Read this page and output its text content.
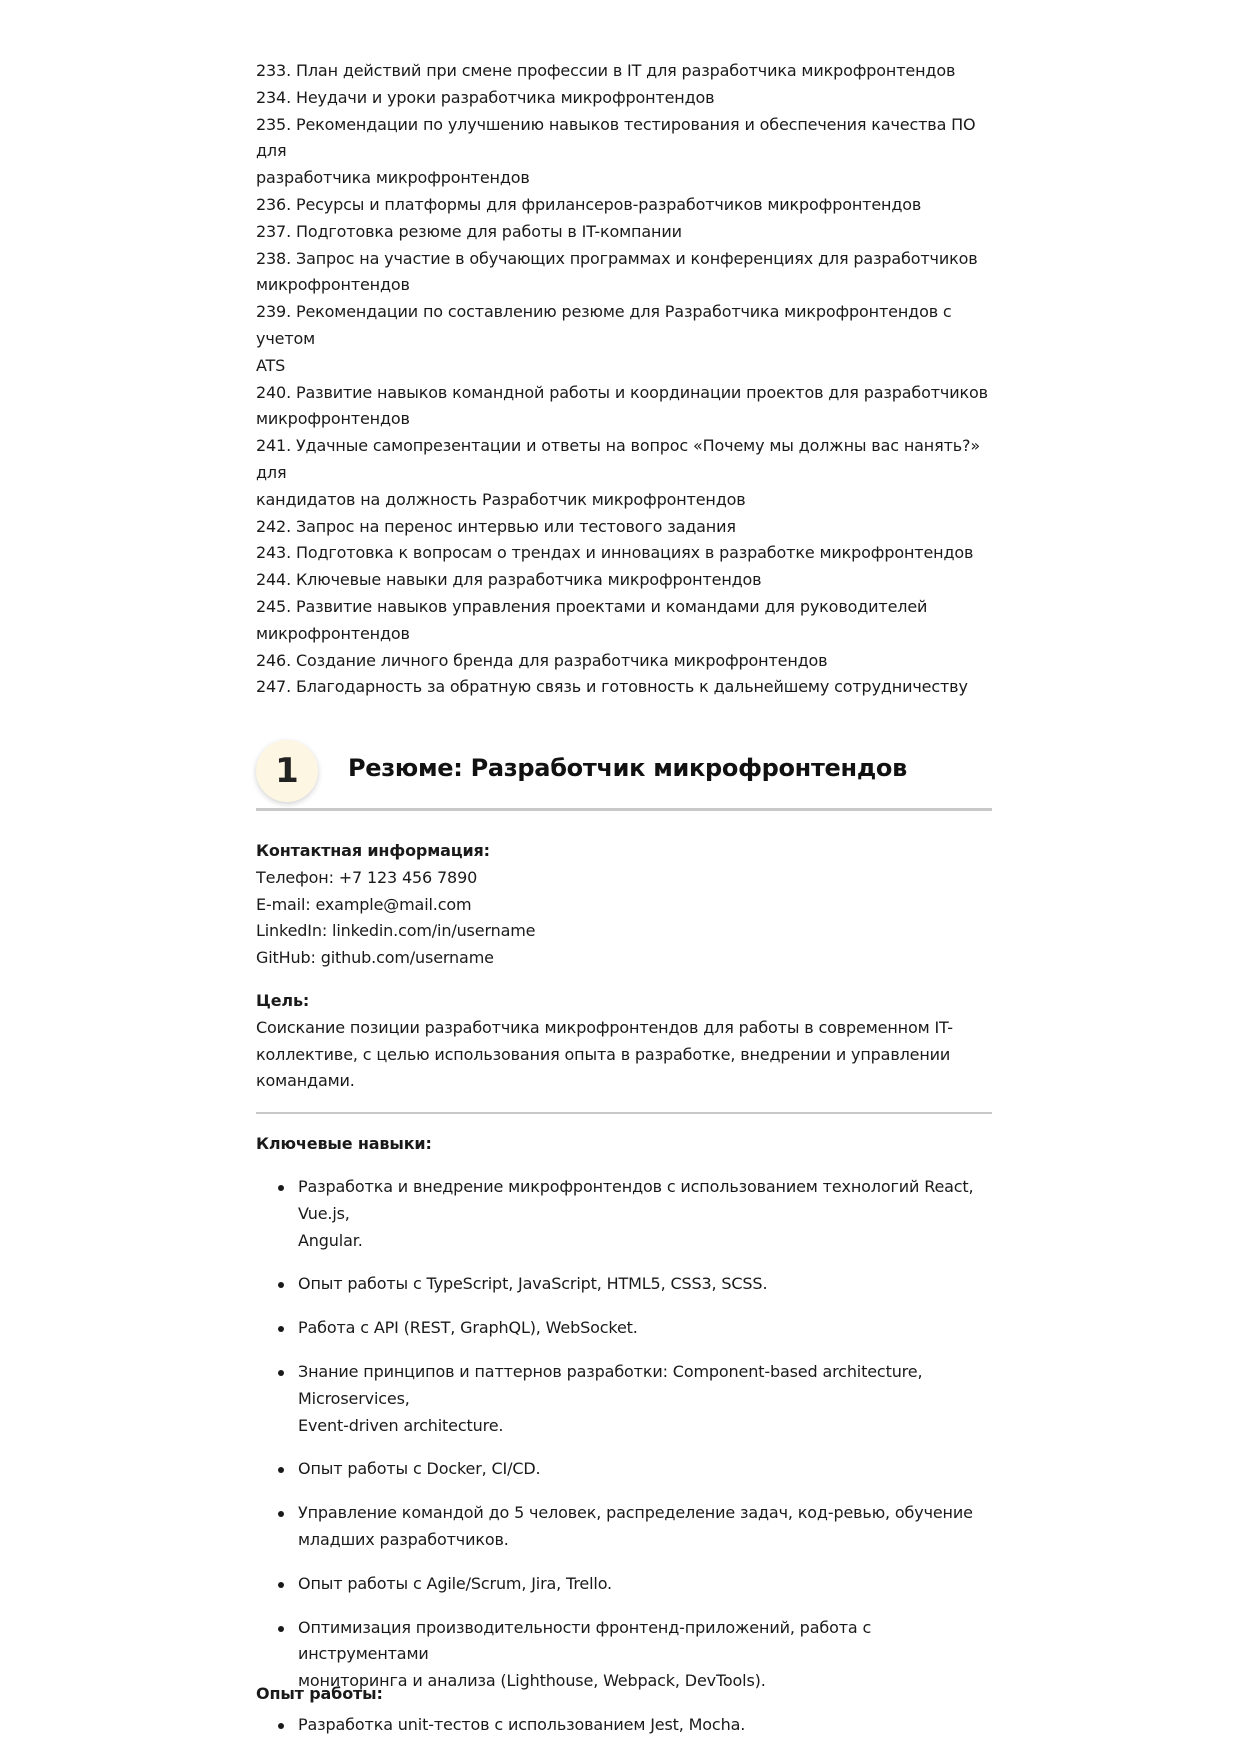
233. План действий при смене профессии в IT для разработчика микрофронтендов
234. Неудачи и уроки разработчика микрофронтендов
235. Рекомендации по улучшению навыков тестирования и обеспечения качества ПО для
разработчика микрофронтендов
236. Ресурсы и платформы для фрилансеров-разработчиков микрофронтендов
237. Подготовка резюме для работы в IT-компании
238. Запрос на участие в обучающих программах и конференциях для разработчиков
микрофронтендов
239. Рекомендации по составлению резюме для Разработчика микрофронтендов с учетом
ATS
240. Развитие навыков командной работы и координации проектов для разработчиков
микрофронтендов
241. Удачные самопрезентации и ответы на вопрос «Почему мы должны вас нанять?» для
кандидатов на должность Разработчик микрофронтендов
242. Запрос на перенос интервью или тестового задания
243. Подготовка к вопросам о трендах и инновациях в разработке микрофронтендов
244. Ключевые навыки для разработчика микрофронтендов
245. Развитие навыков управления проектами и командами для руководителей
микрофронтендов
246. Создание личного бренда для разработчика микрофронтендов
247. Благодарность за обратную связь и готовность к дальнейшему сотрудничеству
1	Резюме: Разработчик микрофронтендов
Контактная информация:
Телефон: +7 123 456 7890
E-mail: example@mail.com
LinkedIn: linkedin.com/in/username
GitHub: github.com/username
Цель:
Соискание позиции разработчика микрофронтендов для работы в современном IT-
коллективе, с целью использования опыта в разработке, внедрении и управлении
командами.
Ключевые навыки:
Разработка и внедрение микрофронтендов с использованием технологий React, Vue.js,
Angular.
Опыт работы с TypeScript, JavaScript, HTML5, CSS3, SCSS.
Работа с API (REST, GraphQL), WebSocket.
Знание принципов и паттернов разработки: Component-based architecture, Microservices,
Event-driven architecture.
Опыт работы с Docker, CI/CD.
Управление командой до 5 человек, распределение задач, код-ревью, обучение
младших разработчиков.
Опыт работы с Agile/Scrum, Jira, Trello.
Оптимизация производительности фронтенд-приложений, работа с инструментами
мониторинга и анализа (Lighthouse, Webpack, DevTools).
Разработка unit-тестов с использованием Jest, Mocha.
Опыт работы:
